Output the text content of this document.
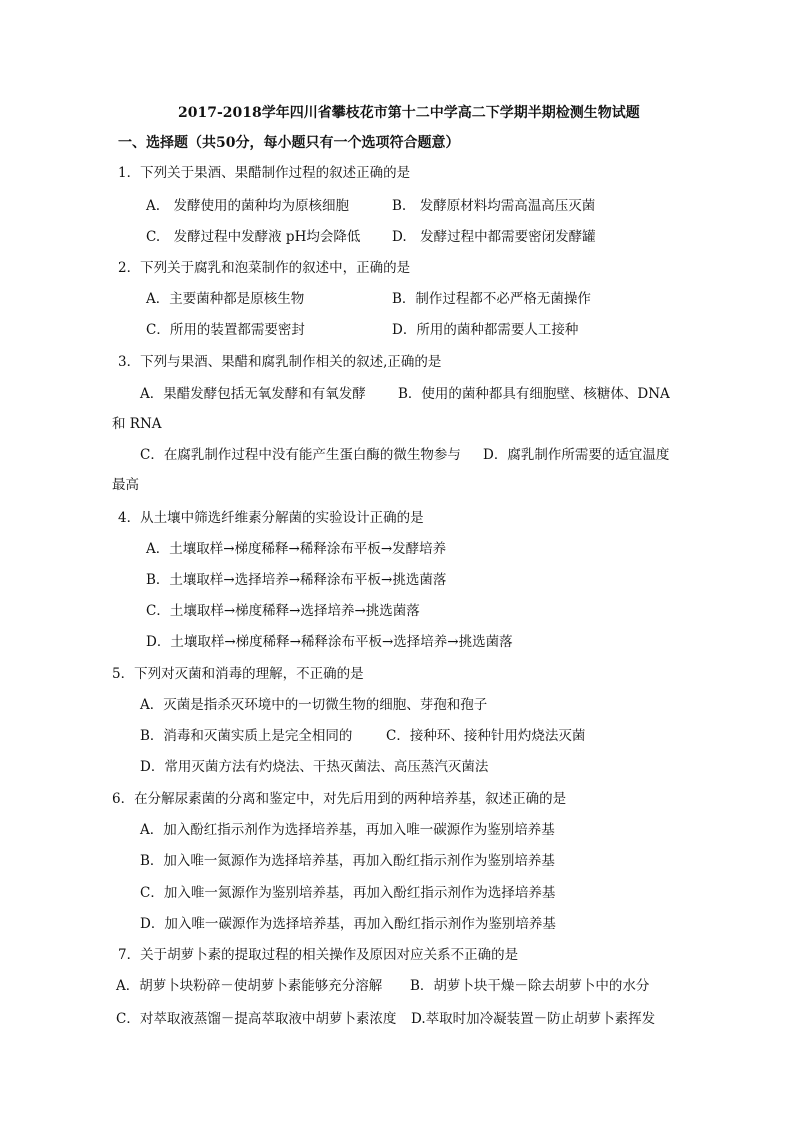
2017-2018学年四川省攀枝花市第十二中学高二下学期半期检测生物试题
一、选择题（共50分，每小题只有一个选项符合题意）
1．下列关于果酒、果醋制作过程的叙述正确的是
A.　发酵使用的菌种均为原核细胞	B.　发酵原材料均需高温高压灭菌
C.　发酵过程中发酵液 pH均会降低 D.　发酵过程中都需要密闭发酵罐
2．下列关于腐乳和泡菜制作的叙述中，正确的是
A．主要菌种都是原核生物	B．制作过程都不必严格无菌操作
C．所用的装置都需要密封	D．所用的菌种都需要人工接种
3．下列与果酒、果醋和腐乳制作相关的叙述,正确的是
A．果醋发酵包括无氧发酵和有氧发酵 B．使用的菌种都具有细胞壁、核糖体、DNA
和 RNA
C．在腐乳制作过程中没有能产生蛋白酶的微生物参与 D．腐乳制作所需要的适宜温度
最高
4．从土壤中筛选纤维素分解菌的实验设计正确的是
A．土壤取样→梯度稀释→稀释涂布平板→发酵培养
B．土壤取样→选择培养→稀释涂布平板→挑选菌落
C．土壤取样→梯度稀释→选择培养→挑选菌落
D．土壤取样→梯度稀释→稀释涂布平板→选择培养→挑选菌落
5．下列对灭菌和消毒的理解，不正确的是
A．灭菌是指杀灭环境中的一切微生物的细胞、芽孢和孢子
B．消毒和灭菌实质上是完全相同的 C．接种环、接种针用灼烧法灭菌
D．常用灭菌方法有灼烧法、干热灭菌法、高压蒸汽灭菌法
6．在分解尿素菌的分离和鉴定中，对先后用到的两种培养基，叙述正确的是
A．加入酚红指示剂作为选择培养基，再加入唯一碳源作为鉴别培养基
B．加入唯一氮源作为选择培养基，再加入酚红指示剂作为鉴别培养基
C．加入唯一氮源作为鉴别培养基，再加入酚红指示剂作为选择培养基
D．加入唯一碳源作为选择培养基，再加入酚红指示剂作为鉴别培养基
7．关于胡萝卜素的提取过程的相关操作及原因对应关系不正确的是
A．胡萝卜块粉碎－使胡萝卜素能够充分溶解 B．胡萝卜块干燥－除去胡萝卜中的水分
C．对萃取液蒸馏－提高萃取液中胡萝卜素浓度 D.萃取时加冷凝装置－防止胡萝卜素挥发
